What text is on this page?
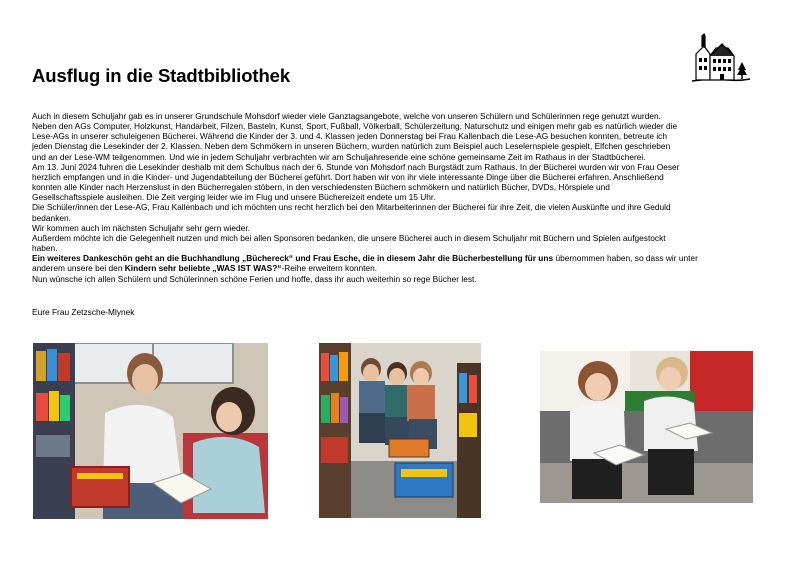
Ausflug in die Stadtbibliothek
Auch in diesem Schuljahr gab es in unserer Grundschule Mohsdorf wieder viele Ganztagsangebote, welche von unseren Schülern und Schülerinnen rege genutzt wurden.
Neben den AGs Computer, Holzkunst, Handarbeit, Filzen, Basteln, Kunst, Sport, Fußball, Völkerball, Schülerzeitung, Naturschutz und einigen mehr gab es natürlich wieder die
Lese-AGs in unserer schuleigenen Bücherei. Während die Kinder der 3. und 4. Klassen jeden Donnerstag bei Frau Kallenbach die Lese-AG besuchen konnten, betreute ich
jeden Dienstag die Lesekinder der 2. Klassen. Neben dem Schmökern in unseren Büchern, wurden natürlich zum Beispiel auch Leselernspiele gespielt, Elfchen geschrieben
und an der Lese-WM teilgenommen. Und wie in jedem Schuljahr verbrachten wir am Schuljahresende eine schöne gemeinsame Zeit im Rathaus in der Stadtbücherei.
Am 13. Juni 2024 fuhren die Lesekinder deshalb mit dem Schulbus nach der 6. Stunde von Mohsdorf nach Burgstädt zum Rathaus. In der Bücherei wurden wir von Frau Oeser
herzlich empfangen und in die Kinder- und Jugendabteilung der Bücherei geführt. Dort haben wir von ihr viele interessante Dinge über die Bücherei erfahren. Anschließend
konnten alle Kinder nach Herzenslust in den Bücherregalen stöbern, in den verschiedensten Büchern schmökern und natürlich Bücher, DVDs, Hörspiele und
Gesellschaftsspiele ausleihen. Die Zeit verging leider wie im Flug und unsere Büchereizeit endete um 15 Uhr.
Die Schüler/innen der Lese-AG, Frau Kallenbach und ich möchten uns recht herzlich bei den Mitarbeiterinnen der Bücherei für ihre Zeit, die vielen Auskünfte und ihre Geduld
bedanken.
Wir kommen auch im nächsten Schuljahr sehr gern wieder.
Außerdem möchte ich die Gelegenheit nutzen und mich bei allen Sponsoren bedanken, die unsere Bücherei auch in diesem Schuljahr mit Büchern und Spielen aufgestockt
haben.
Ein weiteres Dankeschön geht an die Buchhandlung „Büchereck“ und Frau Esche, die in diesem Jahr die Bücherbestellung für uns übernommen haben, so dass wir unter
anderem unsere bei den Kindern sehr beliebte „WAS IST WAS?“-Reihe erweitern konnten.
Nun wünsche ich allen Schülern und Schülerinnen schöne Ferien und hoffe, dass ihr auch weiterhin so rege Bücher lest.
Eure Frau Zetzsche-Mlynek
